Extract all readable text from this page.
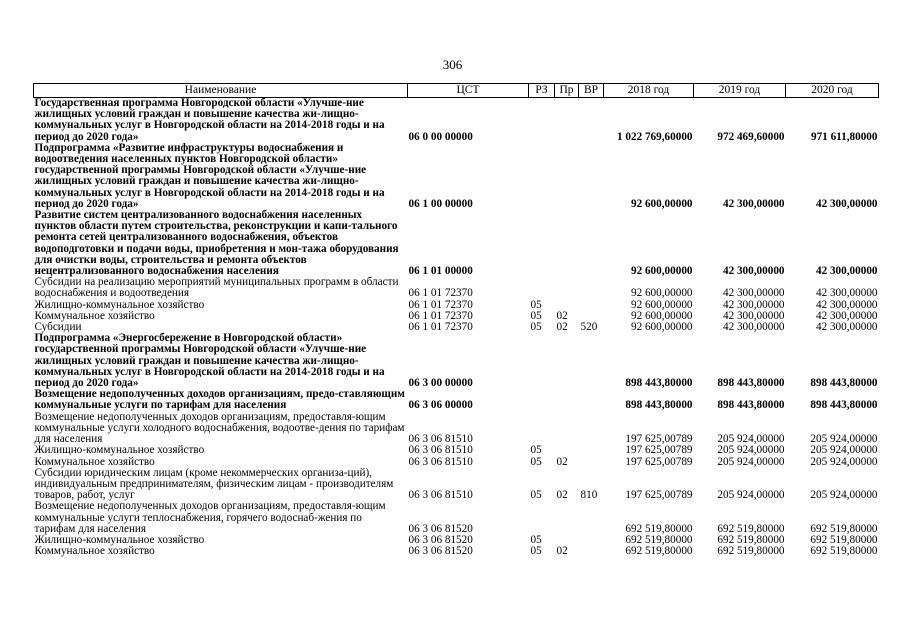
306
Наименование	ЦСТ	РЗ	Пр	ВР	2018 год	2019 год	2020 год
Государственная программа Новгородской области «Улучше-ние жилищных условий граждан и повышение качества жи-лищно-коммунальных услуг в Новгородской области на 2014-2018 годы и на период до 2020 года»	06 0 00 00000				1 022 769,60000	972 469,60000	971 611,80000
Подпрограмма «Развитие инфраструктуры водоснабжения и водоотведения населенных пунктов Новгородской области» государственной программы Новгородской области «Улучше-ние жилищных условий граждан и повышение качества жи-лищно-коммунальных услуг в Новгородской области на 2014-2018 годы и на период до 2020 года»	06 1 00 00000				92 600,00000	42 300,00000	42 300,00000
Развитие систем централизованного водоснабжения населенных пунктов области путем строительства, реконструкции и капи-тального ремонта сетей централизованного водоснабжения, объектов водоподготовки и подачи воды, приобретения и мон-тажа оборудования для очистки воды, строительства и ремонта объектов нецентрализованного водоснабжения населения	06 1 01 00000				92 600,00000	42 300,00000	42 300,00000
Субсидии на реализацию мероприятий муниципальных программ в области водоснабжения и водоотведения	06 1 01 72370				92 600,00000	42 300,00000	42 300,00000
Жилищно-коммунальное хозяйство	06 1 01 72370	05			92 600,00000	42 300,00000	42 300,00000
Коммунальное хозяйство	06 1 01 72370	05	02		92 600,00000	42 300,00000	42 300,00000
Субсидии	06 1 01 72370	05	02	520	92 600,00000	42 300,00000	42 300,00000
Подпрограмма «Энергосбережение в Новгородской области» государственной программы Новгородской области «Улучше-ние жилищных условий граждан и повышение качества жи-лищно-коммунальных услуг в Новгородской области на 2014-2018 годы и на период до 2020 года»	06 3 00 00000				898 443,80000	898 443,80000	898 443,80000
Возмещение недополученных доходов организациям, предо-ставляющим коммунальные услуги по тарифам для населения	06 3 06 00000				898 443,80000	898 443,80000	898 443,80000
Возмещение недополученных доходов организациям, предоставля-ющим коммунальные услуги холодного водоснабжения, водоотве-дения по тарифам для населения	06 3 06 81510				197 625,00789	205 924,00000	205 924,00000
Жилищно-коммунальное хозяйство	06 3 06 81510	05			197 625,00789	205 924,00000	205 924,00000
Коммунальное хозяйство	06 3 06 81510	05	02		197 625,00789	205 924,00000	205 924,00000
Субсидии юридическим лицам (кроме некоммерческих организа-ций), индивидуальным предпринимателям, физическим лицам - производителям товаров, работ, услуг	06 3 06 81510	05	02	810	197 625,00789	205 924,00000	205 924,00000
Возмещение недополученных доходов организациям, предоставля-ющим коммунальные услуги теплоснабжения, горячего водоснаб-жения по тарифам для населения	06 3 06 81520				692 519,80000	692 519,80000	692 519,80000
Жилищно-коммунальное хозяйство	06 3 06 81520	05			692 519,80000	692 519,80000	692 519,80000
Коммунальное хозяйство	06 3 06 81520	05	02		692 519,80000	692 519,80000	692 519,80000
